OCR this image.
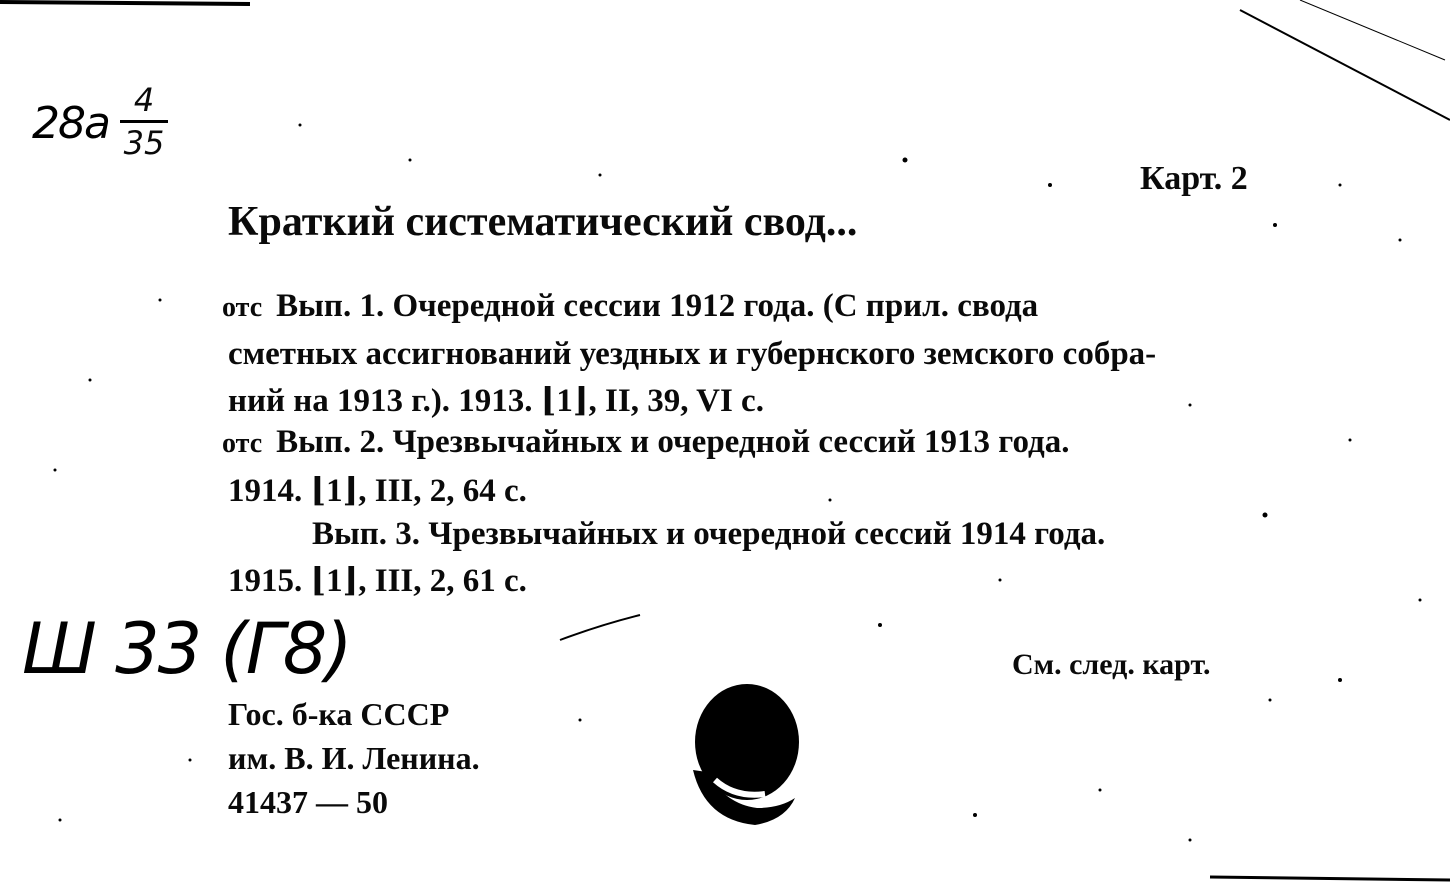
28а 4
35
Карт. 2
Краткий систематический свод...
отс Вып. 1. Очередной сессии 1912 года. (С прил. свода
сметных ассигнований уездных и губернского земского собра-
ний на 1913 г.). 1913. ⌊1⌋, II, 39, VI с.
отс Вып. 2. Чрезвычайных и очередной сессий 1913 года.
1914. ⌊1⌋, III, 2, 64 с.
Вып. 3. Чрезвычайных и очередной сессий 1914 года.
1915. ⌊1⌋, III, 2, 61 с.
Ш 33 (Г8)	См. след. карт.
Гос. б-ка СССР
им. В. И. Ленина.
41437 — 50
